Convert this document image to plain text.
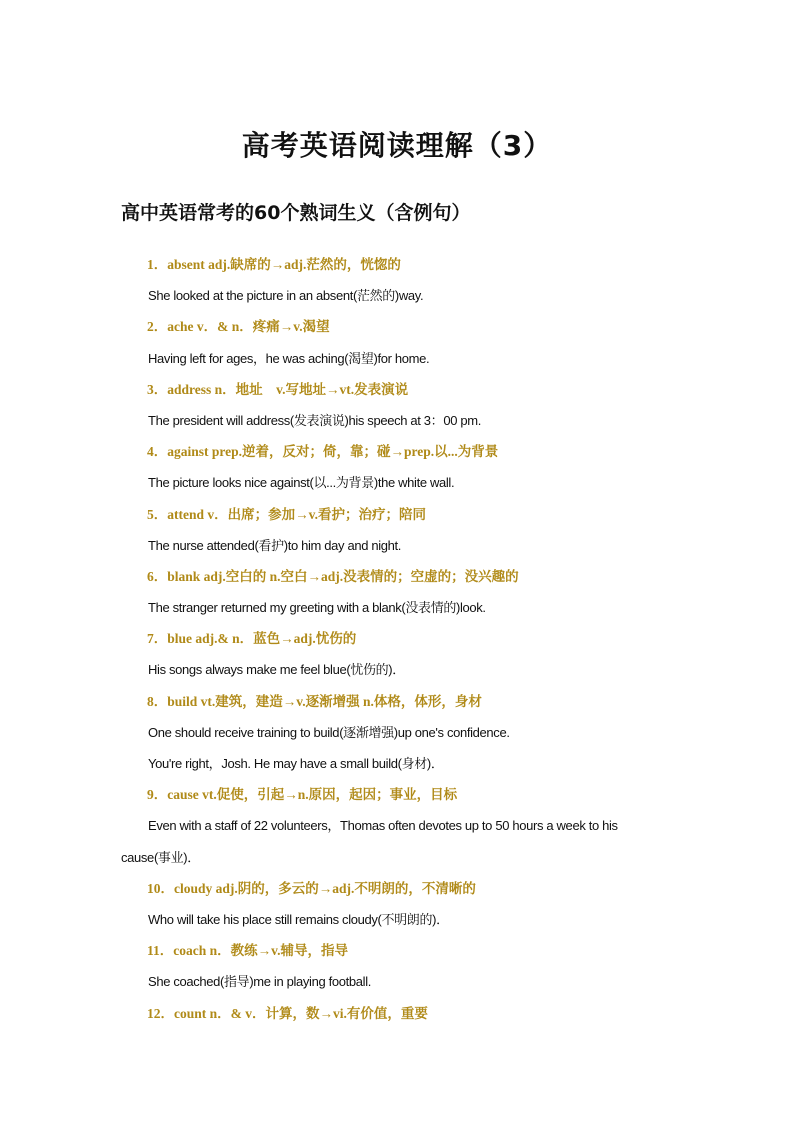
高考英语阅读理解（3）
高中英语常考的60个熟词生义（含例句）
1．absent adj.缺席的→adj.茫然的，恍惚的
She looked at the picture in an absent(茫然的)way.
2．ache v．& n．疼痛→v.渴望
Having left for ages，he was aching(渴望)for home.
3．address n．地址　v.写地址→vt.发表演说
The president will address(发表演说)his speech at 3：00 pm.
4．against prep.逆着，反对；倚，靠；碰→prep.以...为背景
The picture looks nice against(以...为背景)the white wall.
5．attend v．出席；参加→v.看护；治疗；陪同
The nurse attended(看护)to him day and night.
6．blank adj.空白的 n.空白→adj.没表情的；空虚的；没兴趣的
The stranger returned my greeting with a blank(没表情的)look.
7．blue adj.& n．蓝色→adj.忧伤的
His songs always make me feel blue(忧伤的)．
8．build vt.建筑，建造→v.逐渐增强 n.体格，体形，身材
One should receive training to build(逐渐增强)up one's confidence.
You're right，Josh. He may have a small build(身材)．
9．cause vt.促使，引起→n.原因，起因；事业，目标
Even with a staff of 22 volunteers，Thomas often devotes up to 50 hours a week to his
cause(事业)．
10．cloudy adj.阴的，多云的→adj.不明朗的，不清晰的
Who will take his place still remains cloudy(不明朗的)．
11．coach n．教练→v.辅导，指导
She coached(指导)me in playing football.
12．count n．& v．计算，数→vi.有价值，重要
